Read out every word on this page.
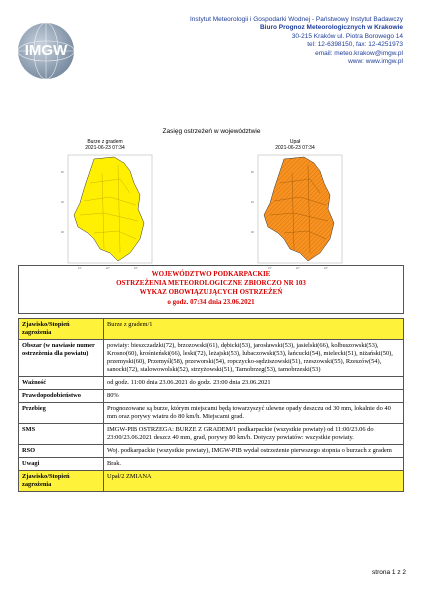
IMGW
Instytut Meteorologii i Gospodarki Wodnej - Państwowy Instytut Badawczy
Biuro Prognoz Meteorologicznych w Krakowie
30-215 Kraków ul. Piotra Borowego 14
tel: 12-6398150, fax: 12-4251973
email: meteo.krakow@imgw.pl
www: www.imgw.pl
Zasięg ostrzeżeń w województwie
Burze z gradem
2021-06-23 07:34
50
49
48
21°	22°	23°
Upał
2021-06-23 07:34
50
49
48
21°	22°	23°
WOJEWÓDZTWO PODKARPACKIE
OSTRZEŻENIA METEOROLOGICZNE ZBIORCZO NR 103
WYKAZ OBOWIĄZUJĄCYCH OSTRZEŻEŃ
o godz. 07:34 dnia 23.06.2021	

Zjawisko/Stopień zagrożenia	Burze z gradem/1
Obszar (w nawiasie numer ostrzeżenia dla powiatu)	powiaty: bieszczadzki(72), brzozowski(61), dębicki(53), jarosławski(53), jasielski(66), kolbuszowski(53), Krosno(60), krośnieński(66), leski(72), leżajski(53), lubaczowski(53), łańcucki(54), mielecki(51), niżański(50), przemyski(60), Przemyśl(58), przeworski(54), ropczycko-sędziszowski(51), rzeszowski(55), Rzeszów(54), sanocki(72), stalowowolski(52), strzyżowski(51), Tarnobrzeg(53), tarnobrzeski(53)
Ważność	od godz. 11:00 dnia 23.06.2021 do godz. 23:00 dnia 23.06.2021
Prawdopodobieństwo	80%
Przebieg	Prognozowane są burze, którym miejscami będą towarzyszyć ulewne opady deszczu od 30 mm, lokalnie do 40 mm oraz porywy wiatru do 80 km/h. Miejscami grad.
SMS	IMGW-PIB OSTRZEGA: BURZE Z GRADEM/1 podkarpackie (wszystkie powiaty) od 11:00/23.06 do 23:00/23.06.2021 deszcz 40 mm, grad, porywy 80 km/h. Dotyczy powiatów: wszystkie powiaty.
RSO	Woj. podkarpackie (wszystkie powiaty), IMGW-PIB wydał ostrzeżenie pierwszego stopnia o burzach z gradem
Uwagi	Brak.
Zjawisko/Stopień zagrożenia	Upał/2 ZMIANA
strona 1 z 2
